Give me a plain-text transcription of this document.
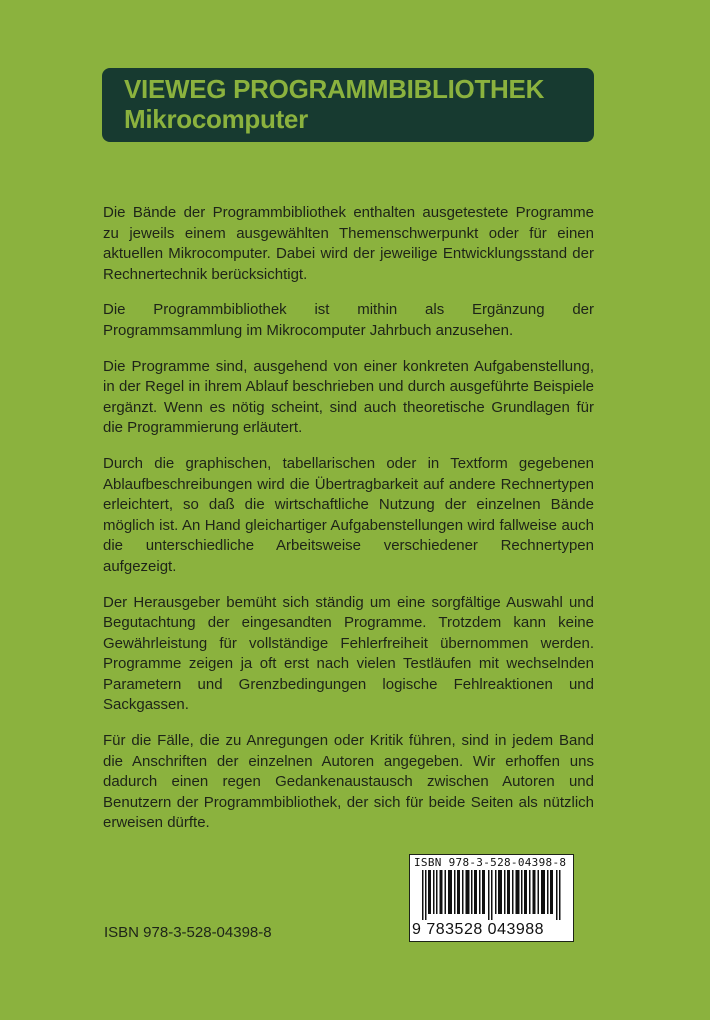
VIEWEG PROGRAMMBIBLIOTHEK
Mikrocomputer

Die Bände der Programmbibliothek enthalten ausgetestete Programme zu jeweils einem ausgewählten Themenschwerpunkt oder für einen aktuellen Mikrocomputer. Dabei wird der jeweilige Entwicklungsstand der Rechnertechnik berücksichtigt.

Die Programmbibliothek ist mithin als Ergänzung der Programmsammlung im Mikrocomputer Jahrbuch anzusehen.

Die Programme sind, ausgehend von einer konkreten Aufgabenstellung, in der Regel in ihrem Ablauf beschrieben und durch ausgeführte Beispiele ergänzt. Wenn es nötig scheint, sind auch theoretische Grundlagen für die Programmierung erläutert.

Durch die graphischen, tabellarischen oder in Textform gegebenen Ablaufbeschreibungen wird die Übertragbarkeit auf andere Rechnertypen erleichtert, so daß die wirtschaftliche Nutzung der einzelnen Bände möglich ist. An Hand gleichartiger Aufgabenstellungen wird fallweise auch die unterschiedliche Arbeitsweise verschiedener Rechnertypen aufgezeigt.

Der Herausgeber bemüht sich ständig um eine sorgfältige Auswahl und Begutachtung der eingesandten Programme. Trotzdem kann keine Gewährleistung für vollständige Fehlerfreiheit übernommen werden. Programme zeigen ja oft erst nach vielen Testläufen mit wechselnden Parametern und Grenzbedingungen logische Fehlreaktionen und Sackgassen.

Für die Fälle, die zu Anregungen oder Kritik führen, sind in jedem Band die Anschriften der einzelnen Autoren angegeben. Wir erhoffen uns dadurch einen regen Gedankenaustausch zwischen Autoren und Benutzern der Programmbibliothek, der sich für beide Seiten als nützlich erweisen dürfte.

ISBN 978-3-528-04398-8
ISBN 978-3-528-04398-8
9 783528 043988
